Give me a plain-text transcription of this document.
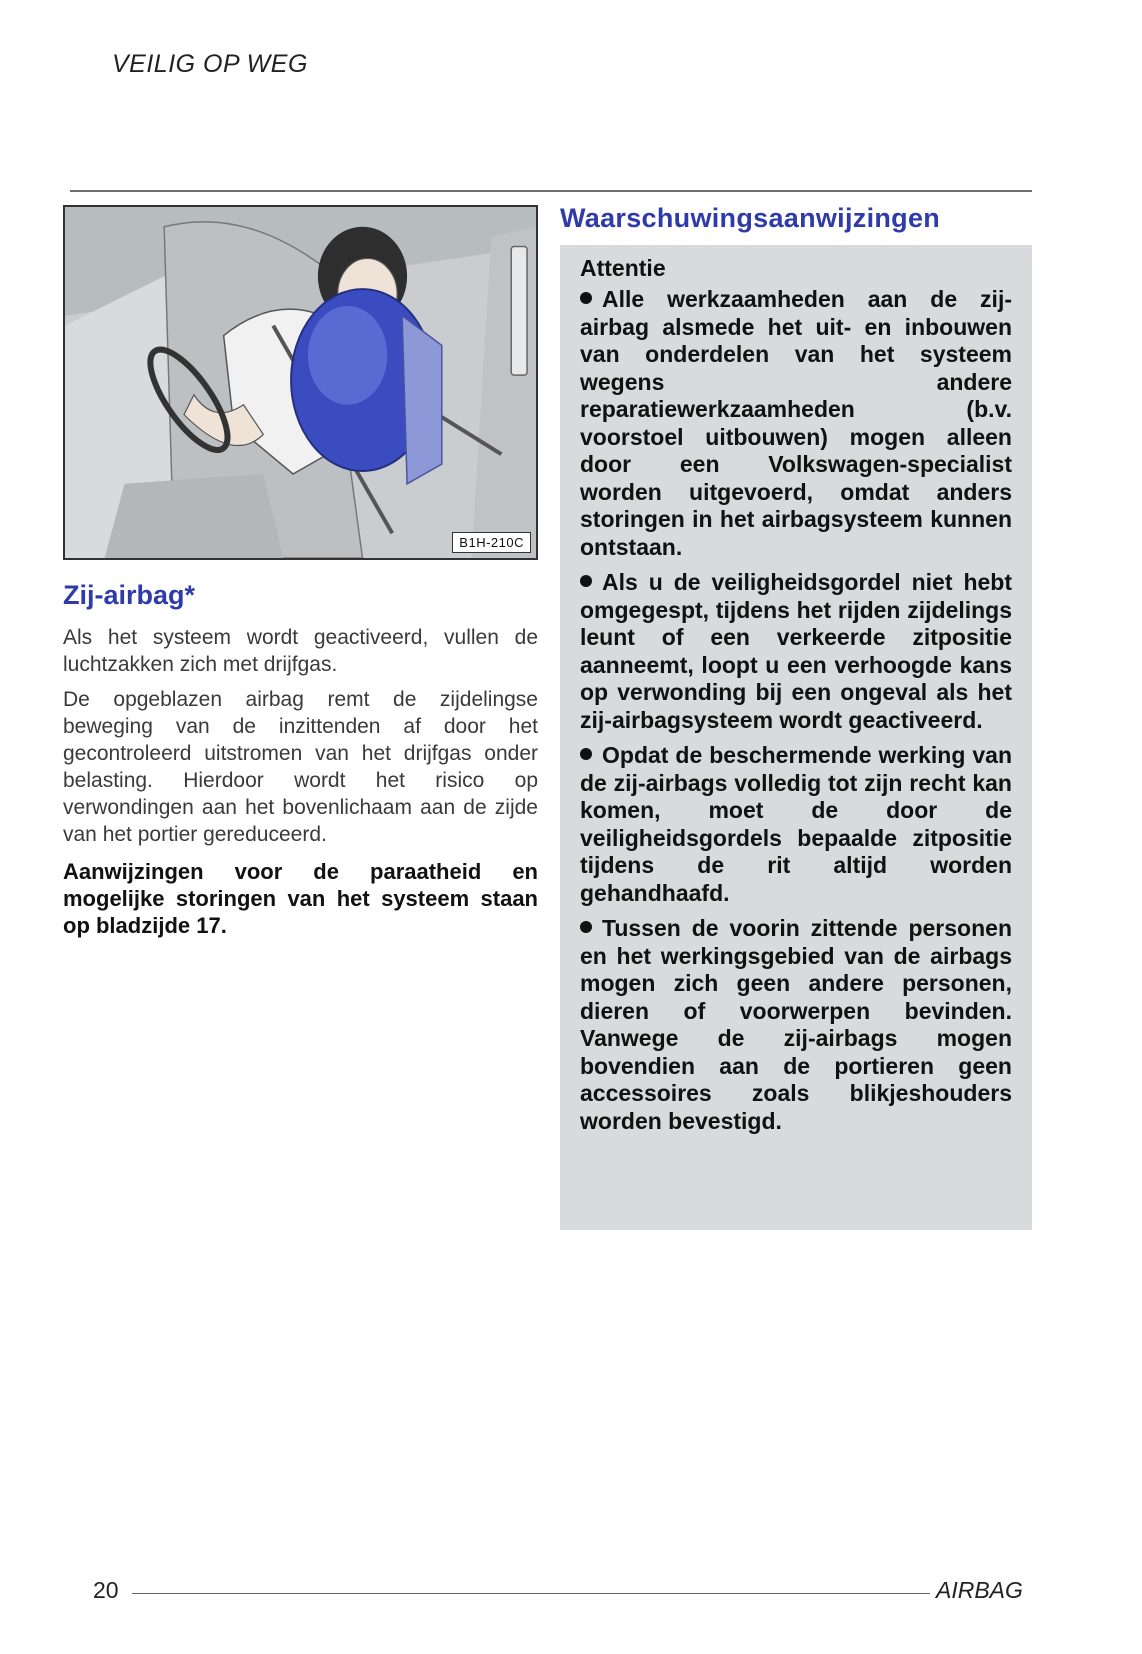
VEILIG OP WEG
B1H-210C
Zij-airbag*

Als het systeem wordt geactiveerd, vullen de luchtzakken zich met drijfgas.

De opgeblazen airbag remt de zijdelingse beweging van de inzittenden af door het gecontroleerd uitstromen van het drijfgas onder belasting. Hierdoor wordt het risico op verwondingen aan het bovenlichaam aan de zijde van het portier gereduceerd.

Aanwijzingen voor de paraatheid en mogelijke storingen van het systeem staan op bladzijde 17.

Waarschuwingsaanwijzingen
Attentie

Alle werkzaamheden aan de zij-airbag alsmede het uit- en inbouwen van onderdelen van het systeem wegens andere reparatiewerkzaamheden (b.v. voorstoel uitbouwen) mogen alleen door een Volkswagen-specialist worden uitgevoerd, omdat anders storingen in het airbagsysteem kunnen ontstaan.

Als u de veiligheidsgordel niet hebt omgegespt, tijdens het rijden zijdelings leunt of een verkeerde zitpositie aanneemt, loopt u een verhoogde kans op verwonding bij een ongeval als het zij-airbagsysteem wordt geactiveerd.

Opdat de beschermende werking van de zij-airbags volledig tot zijn recht kan komen, moet de door de veiligheidsgordels bepaalde zitpositie tijdens de rit altijd worden gehandhaafd.

Tussen de voorin zittende personen en het werkingsgebied van de airbags mogen zich geen andere personen, dieren of voorwerpen bevinden. Vanwege de zij-airbags mogen bovendien aan de portieren geen accessoires zoals blikjeshouders worden bevestigd.

20	AIRBAG
